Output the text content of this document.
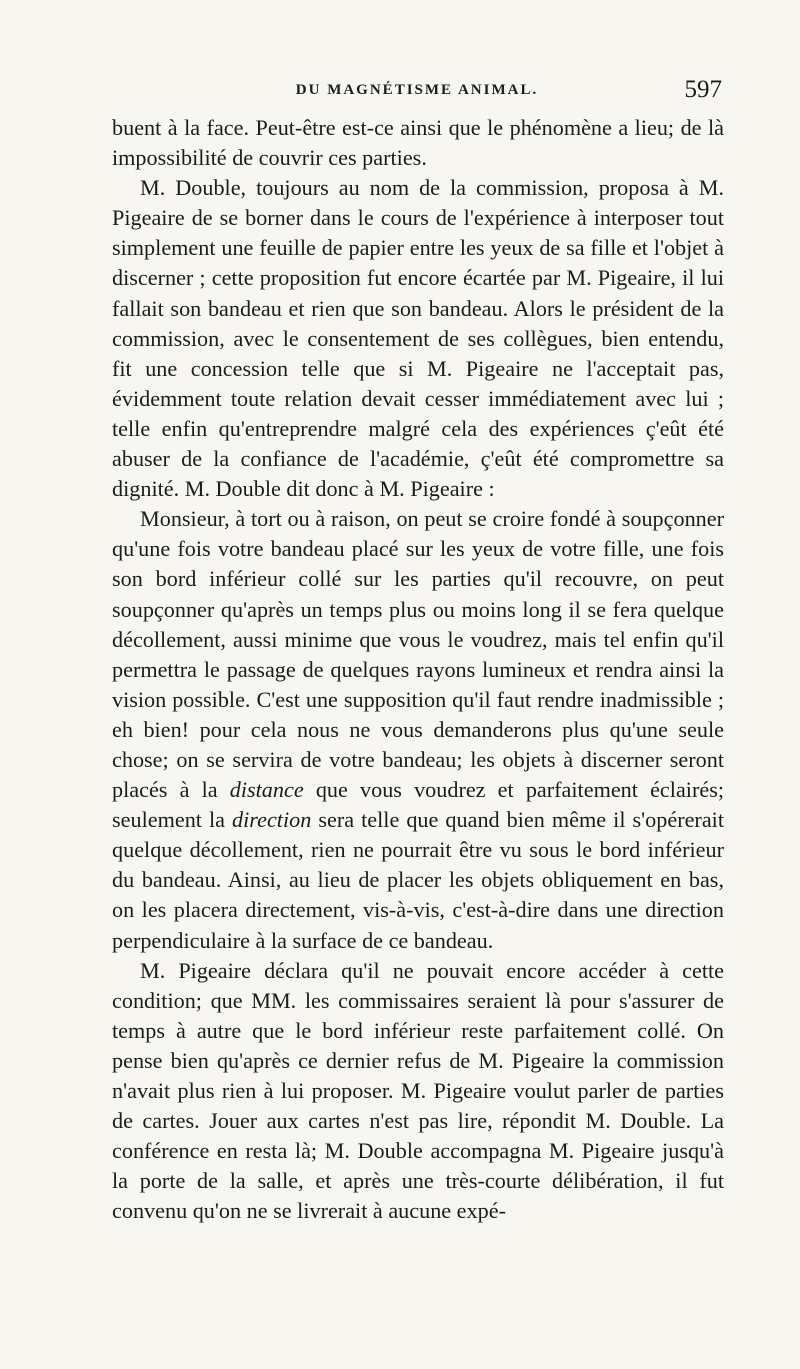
DU MAGNÉTISME ANIMAL.	597

buent à la face. Peut-être est-ce ainsi que le phénomène a lieu; de là impossibilité de couvrir ces parties.

M. Double, toujours au nom de la commission, proposa à M. Pigeaire de se borner dans le cours de l'expérience à interposer tout simplement une feuille de papier entre les yeux de sa fille et l'objet à discerner ; cette proposition fut encore écartée par M. Pigeaire, il lui fallait son bandeau et rien que son bandeau. Alors le président de la commission, avec le consentement de ses collègues, bien entendu, fit une concession telle que si M. Pigeaire ne l'acceptait pas, évidemment toute relation devait cesser immédiatement avec lui ; telle enfin qu'entreprendre malgré cela des expériences ç'eût été abuser de la confiance de l'académie, ç'eût été compromettre sa dignité. M. Double dit donc à M. Pigeaire :

Monsieur, à tort ou à raison, on peut se croire fondé à soupçonner qu'une fois votre bandeau placé sur les yeux de votre fille, une fois son bord inférieur collé sur les parties qu'il recouvre, on peut soupçonner qu'après un temps plus ou moins long il se fera quelque décollement, aussi minime que vous le voudrez, mais tel enfin qu'il permettra le passage de quelques rayons lumineux et rendra ainsi la vision possible. C'est une supposition qu'il faut rendre inadmissible ; eh bien! pour cela nous ne vous demanderons plus qu'une seule chose; on se servira de votre bandeau; les objets à discerner seront placés à la distance que vous voudrez et parfaitement éclairés; seulement la direction sera telle que quand bien même il s'opérerait quelque décollement, rien ne pourrait être vu sous le bord inférieur du bandeau. Ainsi, au lieu de placer les objets obliquement en bas, on les placera directement, vis-à-vis, c'est-à-dire dans une direction perpendiculaire à la surface de ce bandeau.

M. Pigeaire déclara qu'il ne pouvait encore accéder à cette condition; que MM. les commissaires seraient là pour s'assurer de temps à autre que le bord inférieur reste parfaitement collé. On pense bien qu'après ce dernier refus de M. Pigeaire la commission n'avait plus rien à lui proposer. M. Pigeaire voulut parler de parties de cartes. Jouer aux cartes n'est pas lire, répondit M. Double. La conférence en resta là; M. Double accompagna M. Pigeaire jusqu'à la porte de la salle, et après une très-courte délibération, il fut convenu qu'on ne se livrerait à aucune expé-
